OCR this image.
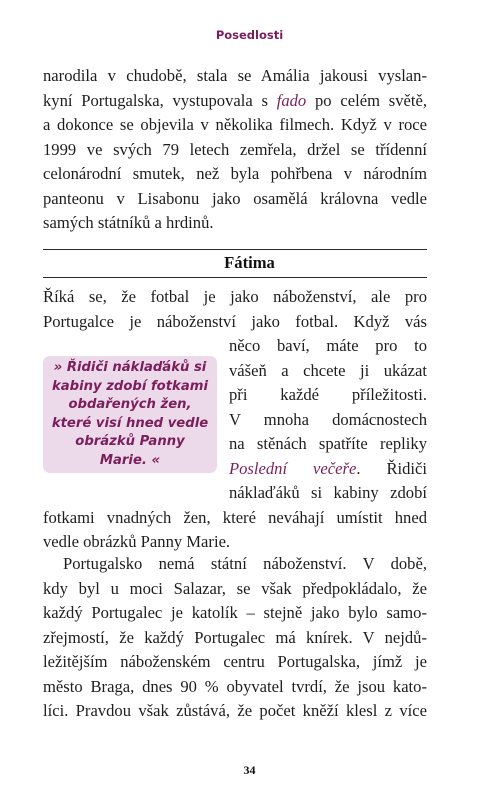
Posedlosti
narodila v chudobě, stala se Amália jakousi vyslan-
kyní Portugalska, vystupovala s fado po celém světě,
a dokonce se objevila v několika filmech. Když v roce
1999 ve svých 79 letech zemřela, držel se třídenní
celonárodní smutek, než byla pohřbena v národním
panteonu v Lisabonu jako osamělá královna vedle
samých státníků a hrdinů.
Fátima
Říká se, že fotbal je jako náboženství, ale pro
Portugalce je náboženství jako fotbal. Když vás
něco baví, máte pro to
vášeň a chcete ji ukázat
při každé příležitosti.
V mnoha domácnostech
na stěnách spatříte repliky
Poslední večeře. Řidiči
náklaďáků si kabiny zdobí
fotkami vnadných žen, které neváhají umístit hned
vedle obrázků Panny Marie.
» Řidiči náklaďáků si kabiny zdobí fotkami obdařených žen, které visí hned vedle obrázků Panny Marie. «
Portugalsko nemá státní náboženství. V době,
kdy byl u moci Salazar, se však předpokládalo, že
každý Portugalec je katolík – stejně jako bylo samo-
zřejmostí, že každý Portugalec má knírek. V nejdů-
ležitějším náboženském centru Portugalska, jímž je
město Braga, dnes 90 % obyvatel tvrdí, že jsou kato-
líci. Pravdou však zůstává, že počet kněží klesl z více
34
